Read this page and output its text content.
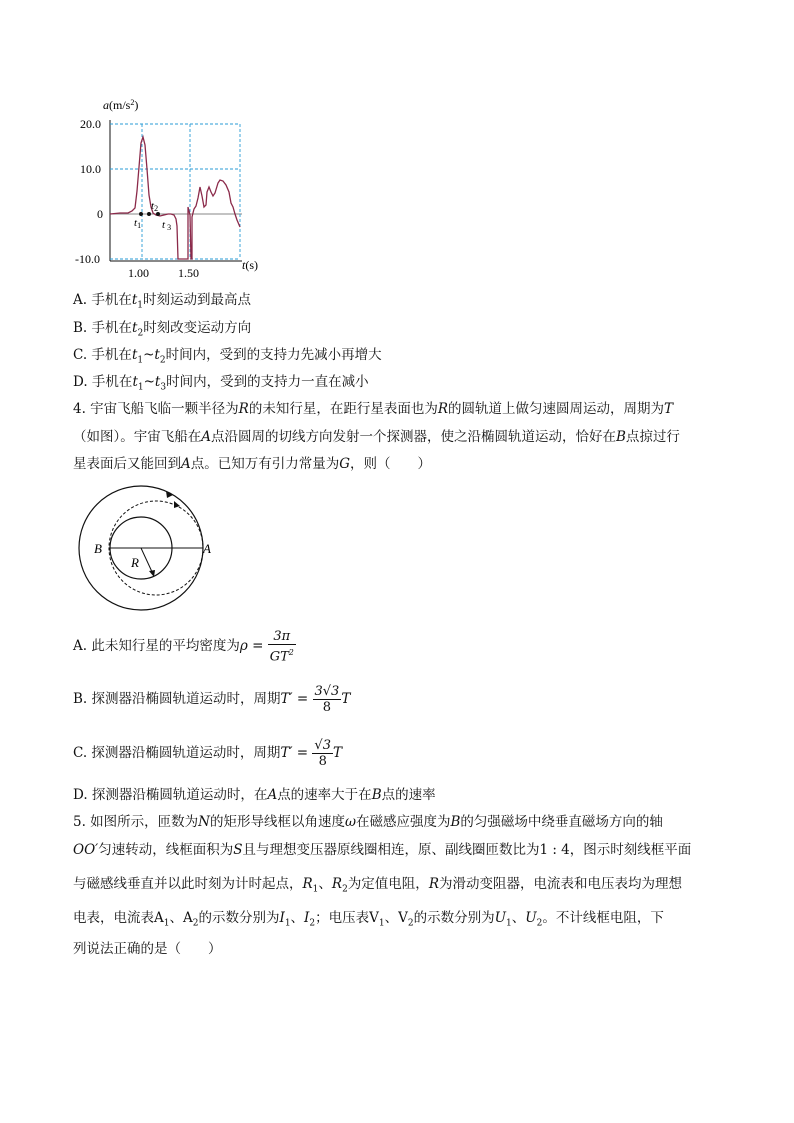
$a(m/s^2)$
20.0
10.0
0
-10.0
1.00 1.50
t(s)
t1
t2
t 3
A. 手机在$t_1$时刻运动到最高点
B. 手机在$t_2$时刻改变运动方向
C. 手机在$t_1\sim t_2$时间内，受到的支持力先减小再增大
D. 手机在$t_1\sim t_3$时间内，受到的支持力一直在减小
4. 宇宙飞船飞临一颗半径为R的未知行星，在距行星表面也为R的圆轨道上做匀速圆周运动，周期为T
（如图）。宇宙飞船在A点沿圆周的切线方向发射一个探测器，使之沿椭圆轨道运动，恰好在B点掠过行
星表面后又能回到A点。已知万有引力常量为G，则（　　）
B	A
R
A. 此未知行星的平均密度为$\rho = \frac{3\pi}{GT^2}$
B. 探测器沿椭圆轨道运动时，周期$T' = \frac{3√3}{8}$ T
C. 探测器沿椭圆轨道运动时，周期$T' = \frac{√3}{8}$ T
D. 探测器沿椭圆轨道运动时，在A点的速率大于在B点的速率
5. 如图所示，匝数为N的矩形导线框以角速度ω在磁感应强度为B的匀强磁场中绕垂直磁场方向的轴
OO′匀速转动，线框面积为S且与理想变压器原线圈相连，原、副线圈匝数比为1 : 4，图示时刻线框平面
与磁感线垂直并以此时刻为计时起点，$R_1$、$R_2$为定值电阻，R为滑动变阻器，电流表和电压表均为理想
电表，电流表$A_1$、$A_2$的示数分别为$I_1$、$I_2$；电压表$V_1$、$V_2$的示数分别为$U_1$、$U_2$。不计线框电阻，下
列说法正确的是（　　）
